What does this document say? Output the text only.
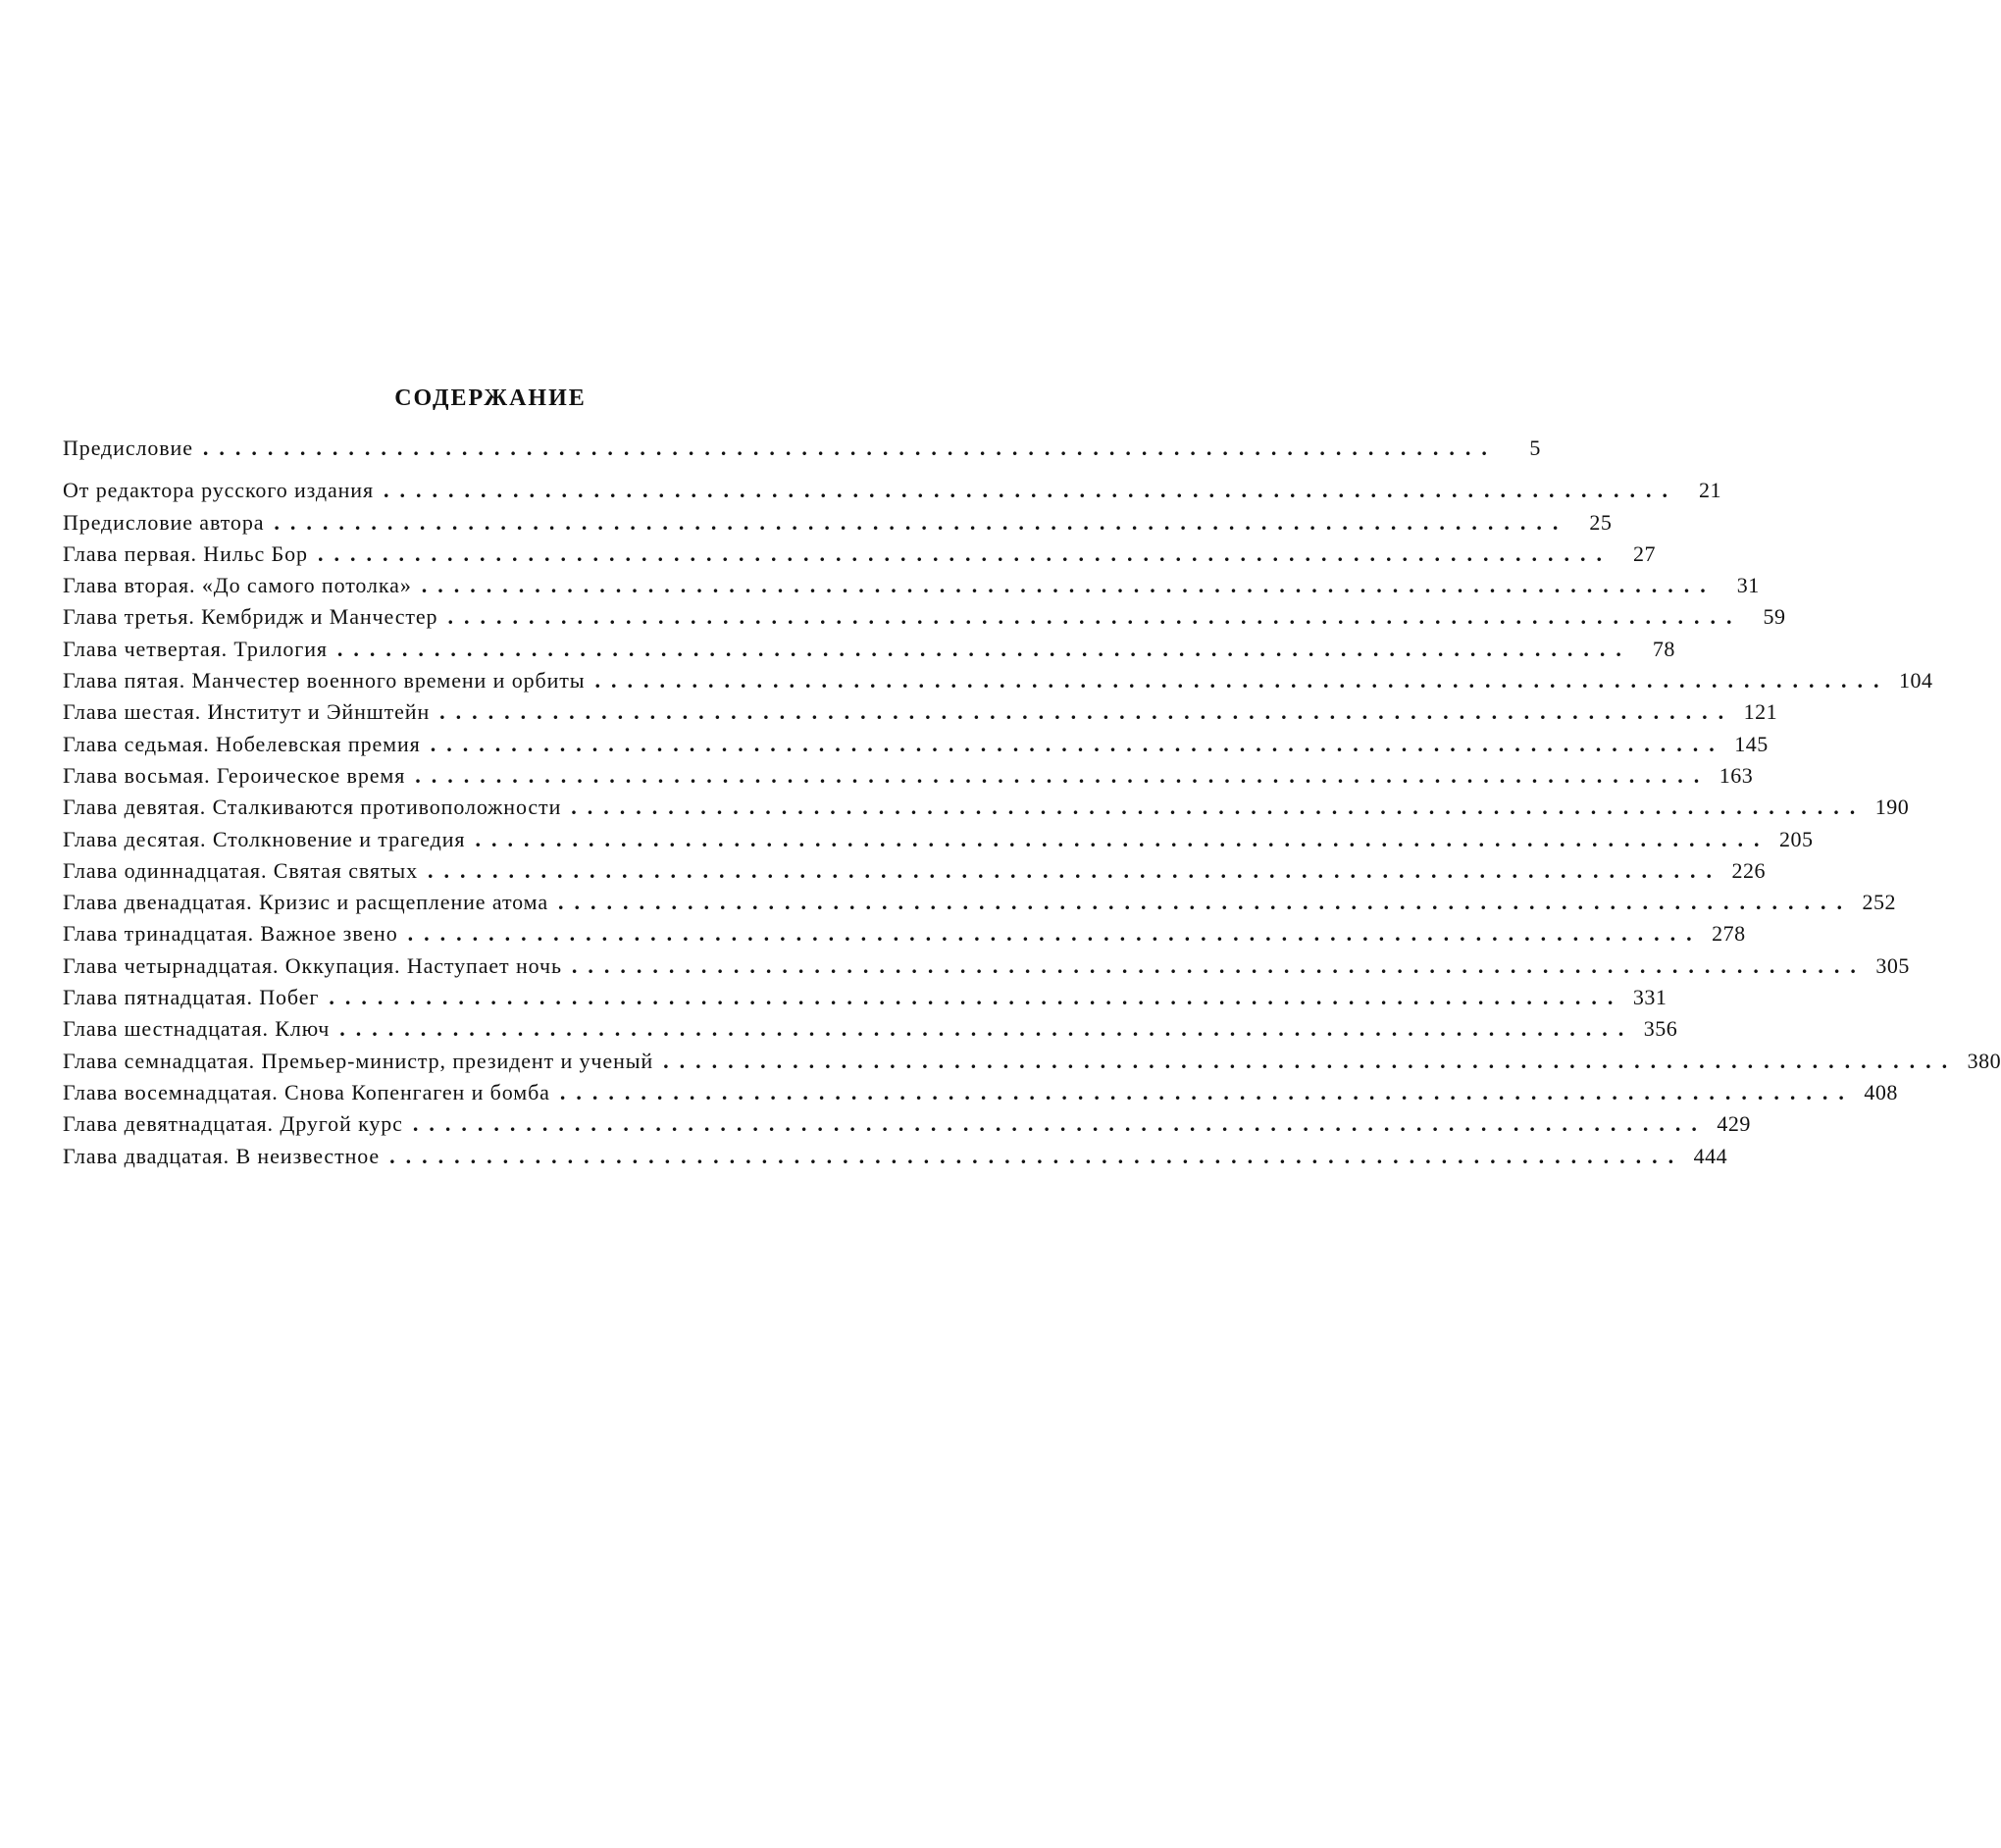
СОДЕРЖАНИЕ
Предисловие ................................................................................	5
От редактора русского издания ................................................................................ 21
Предисловие автора ................................................................................ 25
Глава первая. Нильс Бор ................................................................................ 27
Глава вторая. «До самого потолка» ................................................................................ 31
Глава третья. Кембридж и Манчестер ................................................................................ 59
Глава четвертая. Трилогия ................................................................................ 78
Глава пятая. Манчестер военного времени и орбиты ................................................................................ 104
Глава шестая. Институт и Эйнштейн ................................................................................ 121
Глава седьмая. Нобелевская премия ................................................................................ 145
Глава восьмая. Героическое время ................................................................................ 163
Глава девятая. Сталкиваются противоположности ................................................................................ 190
Глава десятая. Столкновение и трагедия ................................................................................ 205
Глава одиннадцатая. Святая святых ................................................................................ 226
Глава двенадцатая. Кризис и расщепление атома ................................................................................ 252
Глава тринадцатая. Важное звено ................................................................................ 278
Глава четырнадцатая. Оккупация. Наступает ночь ................................................................................ 305
Глава пятнадцатая. Побег ................................................................................ 331
Глава шестнадцатая. Ключ ................................................................................ 356
Глава семнадцатая. Премьер-министр, президент и ученый ................................................................................ 380
Глава восемнадцатая. Снова Копенгаген и бомба ................................................................................ 408
Глава девятнадцатая. Другой курс ................................................................................ 429
Глава двадцатая. В неизвестное ................................................................................ 444
